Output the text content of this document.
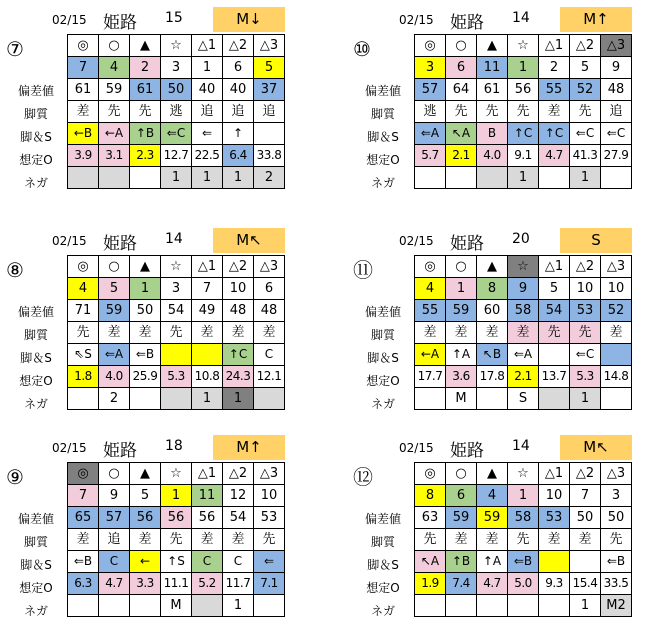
02/15 姫路 15	M↓
⑦
偏差値
脚質
脚＆S
想定O
ネガ
◎	○	▲	☆	△1	△2	△3
7	4	2	3	1	6	5
61	59	61	50	40	40	37
差	先	先	逃	追	追	追
←B	←A	↑B	⇐C	⇐	↑	
3.9	3.1	2.3	12.7	22.5	6.4	33.8
			1	1	1	2
02/15 姫路 14	M↑
⑩
偏差値
脚質
脚＆S
想定O
ネガ
◎	○	▲	☆	△1	△2	△3
3	6	11	1	2	5	9
57	64	61	56	55	52	48
逃	先	先	先	差	先	追
⇐A	↖A	B	↑C	↑C	⇐C	⇐C
5.7	2.1	4.0	9.1	4.7	41.3	27.9
			1		1	
02/15 姫路 14	M↖
⑧
偏差値
脚質
脚＆S
想定O
ネガ
◎	○	▲	☆	△1	△2	△3
4	5	1	3	7	10	6
71	59	50	54	49	48	48
先	差	差	先	差	差	差
⇖S	⇐A	⇐B			↑C	C
1.8	4.0	25.9	5.3	10.8	24.3	12.1
	2			1	1	
02/15 姫路 20	S
⑪
偏差値
脚質
脚＆S
想定O
ネガ
◎	○	▲	☆	△1	△2	△3
4	1	8	9	5	10	10
55	59	60	58	54	53	52
差	差	差	差	先	先	差
←A	↑A	↖B	⇐A		⇐C	
17.7	3.6	17.8	2.1	13.7	5.3	14.8
	M		S		1	
02/15 姫路 18	M↑
⑨
偏差値
脚質
脚＆S
想定O
ネガ
◎	○	▲	☆	△1	△2	△3
7	9	5	1	11	12	10
65	57	56	56	56	54	53
差	追	差	先	差	差	先
⇐B	C	←	↑S	C	C	⇐
6.3	4.7	3.3	11.1	5.2	11.7	7.1
			M		1	
02/15 姫路 14	M↖
⑫
偏差値
脚質
脚＆S
想定O
ネガ
◎	○	▲	☆	△1	△2	△3
8	6	4	1	10	7	3
63	59	59	58	53	50	50
先	差	差	先	差	差	先
↖A	↑B	↑A	⇐B			⇐B
1.9	7.4	4.7	5.0	9.3	15.4	33.5
					1	M2
